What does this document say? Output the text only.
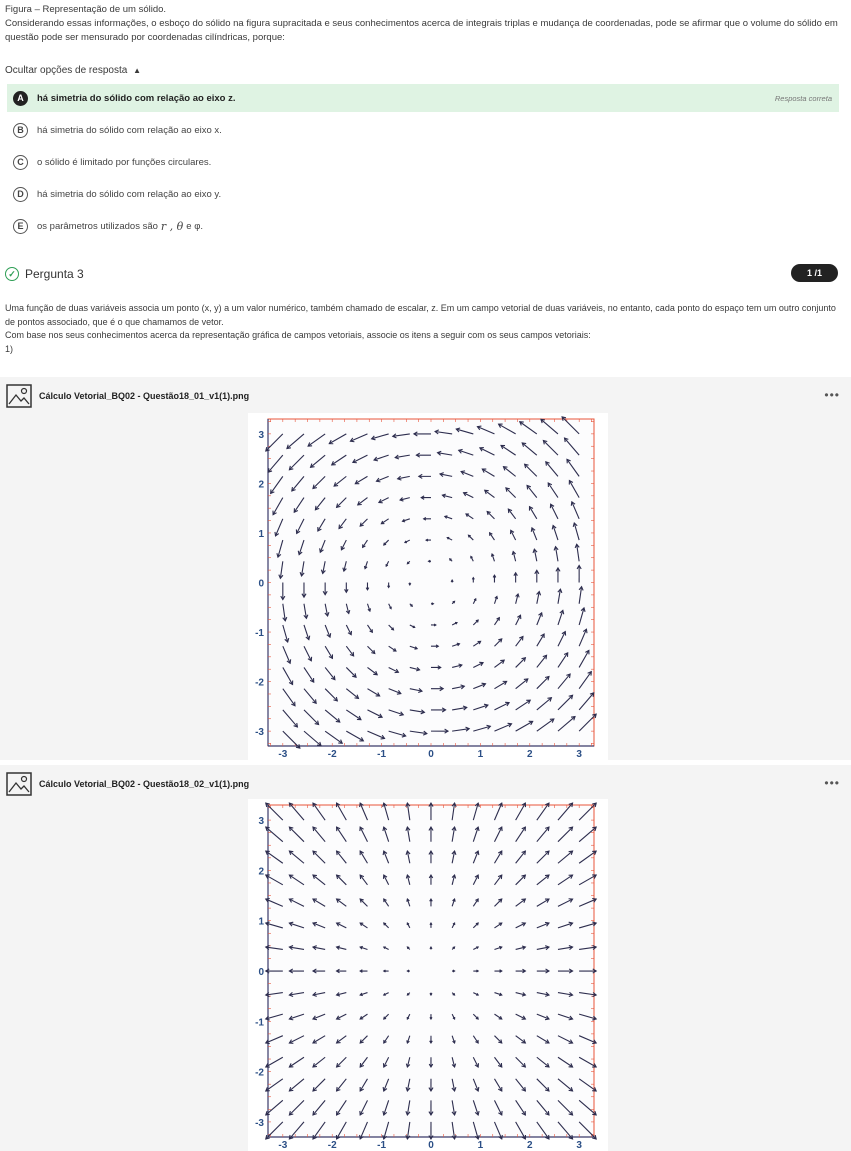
Figura – Representação de um sólido.

Considerando essas informações, o esboço do sólido na figura supracitada e seus conhecimentos acerca de integrais triplas e mudança de coordenadas, pode se afirmar que o volume do sólido em questão pode ser mensurado por coordenadas cilíndricas, porque:

Ocultar opções de resposta ▲
A	há simetria do sólido com relação ao eixo z.	Resposta correta
B	há simetria do sólido com relação ao eixo x.
C	o sólido é limitado por funções circulares.
D	há simetria do sólido com relação ao eixo y.
E	os parâmetros utilizados são r , θ e φ.
✓ Pergunta 3	1 /1

Uma função de duas variáveis associa um ponto (x, y) a um valor numérico, também chamado de escalar, z. Em um campo vetorial de duas variáveis, no entanto, cada ponto do espaço tem um outro conjunto de pontos associado, que é o que chamamos de vetor.

Com base nos seus conhecimentos acerca da representação gráfica de campos vetoriais, associe os itens a seguir com os seus campos vetoriais:

1)

Cálculo Vetorial_BQ02 - Questão18_01_v1(1).png	•••
-3	-2	-1	0	1	2	3
3
2
1
0
-1
-2
-3
Cálculo Vetorial_BQ02 - Questão18_02_v1(1).png	•••
-3	-2	-1	0	1	2	3
3
2
1
0
-1
-2
-3
